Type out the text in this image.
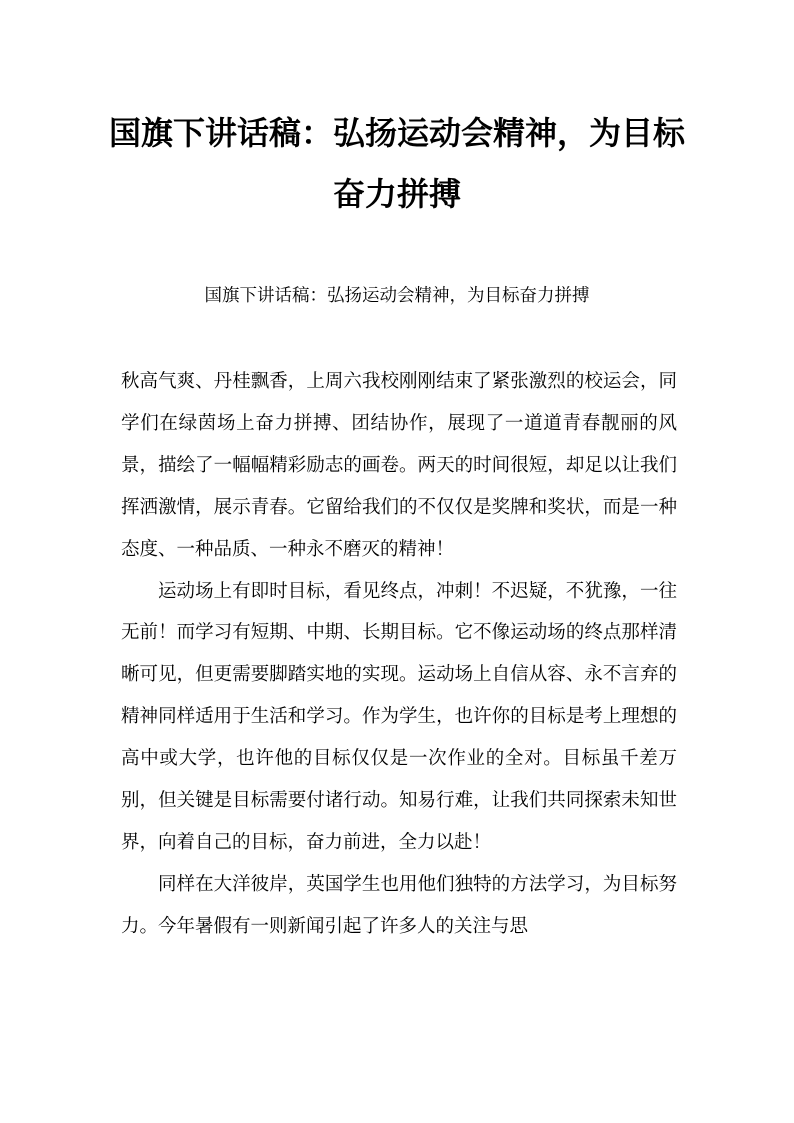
国旗下讲话稿：弘扬运动会精神，为目标奋力拼搏

国旗下讲话稿：弘扬运动会精神，为目标奋力拼搏

秋高气爽、丹桂飘香，上周六我校刚刚结束了紧张激烈的校运会，同学们在绿茵场上奋力拼搏、团结协作，展现了一道道青春靓丽的风景，描绘了一幅幅精彩励志的画卷。两天的时间很短，却足以让我们挥洒激情，展示青春。它留给我们的不仅仅是奖牌和奖状，而是一种态度、一种品质、一种永不磨灭的精神！

运动场上有即时目标，看见终点，冲刺！不迟疑，不犹豫，一往无前！而学习有短期、中期、长期目标。它不像运动场的终点那样清晰可见，但更需要脚踏实地的实现。运动场上自信从容、永不言弃的精神同样适用于生活和学习。作为学生，也许你的目标是考上理想的高中或大学，也许他的目标仅仅是一次作业的全对。目标虽千差万别，但关键是目标需要付诸行动。知易行难，让我们共同探索未知世界，向着自己的目标，奋力前进，全力以赴！

同样在大洋彼岸，英国学生也用他们独特的方法学习，为目标努力。今年暑假有一则新闻引起了许多人的关注与思
